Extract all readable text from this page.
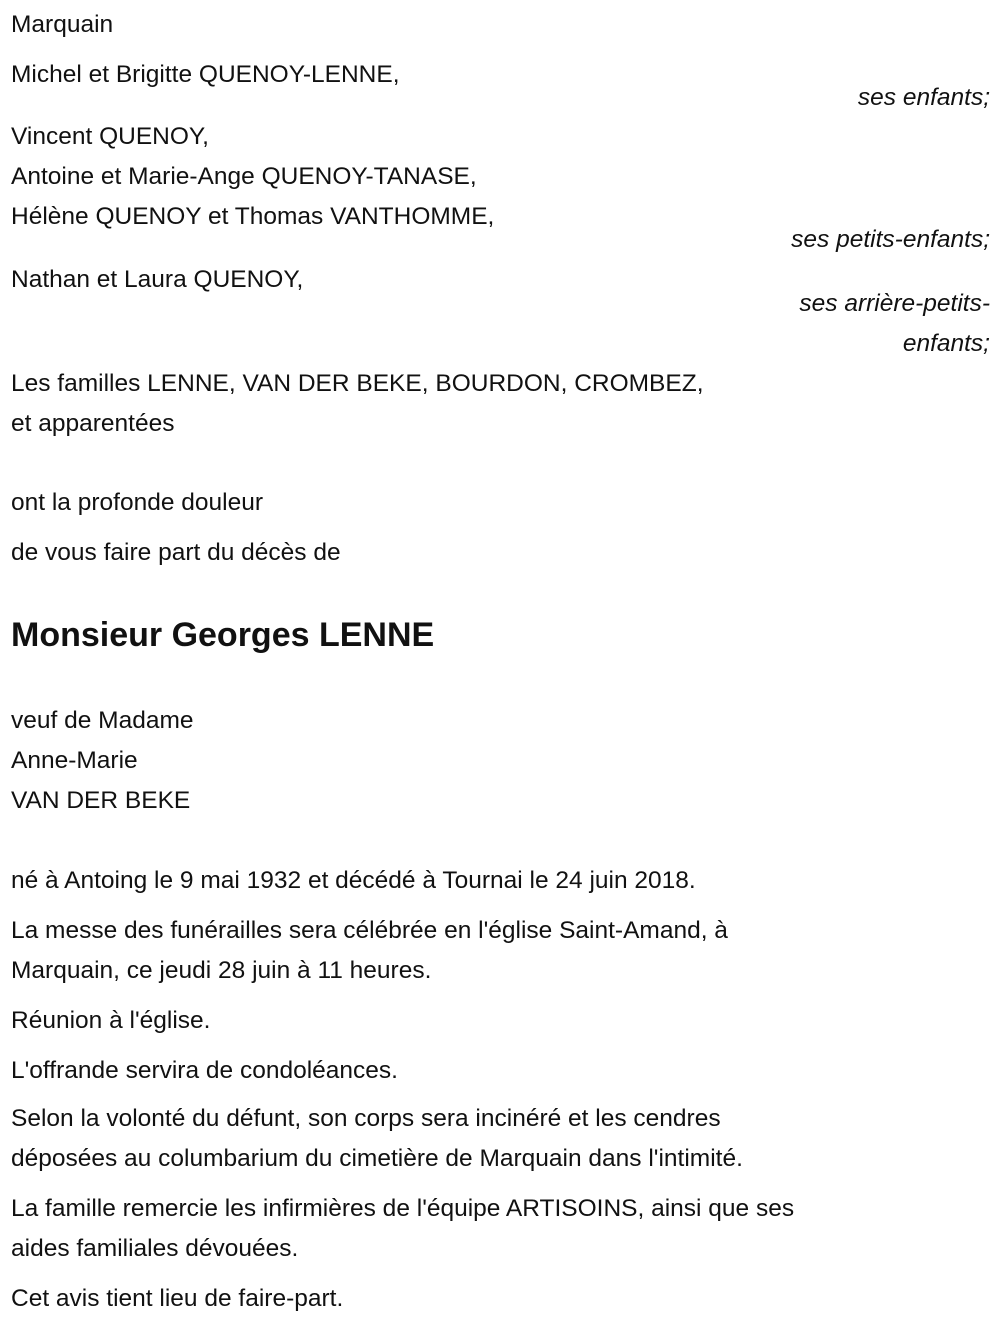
Marquain
Michel et Brigitte QUENOY-LENNE,
ses enfants;
Vincent QUENOY,
Antoine et Marie-Ange QUENOY-TANASE,
Hélène QUENOY et Thomas VANTHOMME,
ses petits-enfants;
Nathan et Laura QUENOY,
ses arrière-petits-
enfants;
Les familles LENNE, VAN DER BEKE, BOURDON, CROMBEZ,
et apparentées
ont la profonde douleur
de vous faire part du décès de
Monsieur Georges LENNE
veuf de Madame
Anne-Marie
VAN DER BEKE
né à Antoing le 9 mai 1932 et décédé à Tournai le 24 juin 2018.
La messe des funérailles sera célébrée en l'église Saint-Amand, à
Marquain, ce jeudi 28 juin à 11 heures.
Réunion à l'église.
L'offrande servira de condoléances.
Selon la volonté du défunt, son corps sera incinéré et les cendres
déposées au columbarium du cimetière de Marquain dans l'intimité.
La famille remercie les infirmières de l'équipe ARTISOINS, ainsi que ses
aides familiales dévouées.
Cet avis tient lieu de faire-part.
